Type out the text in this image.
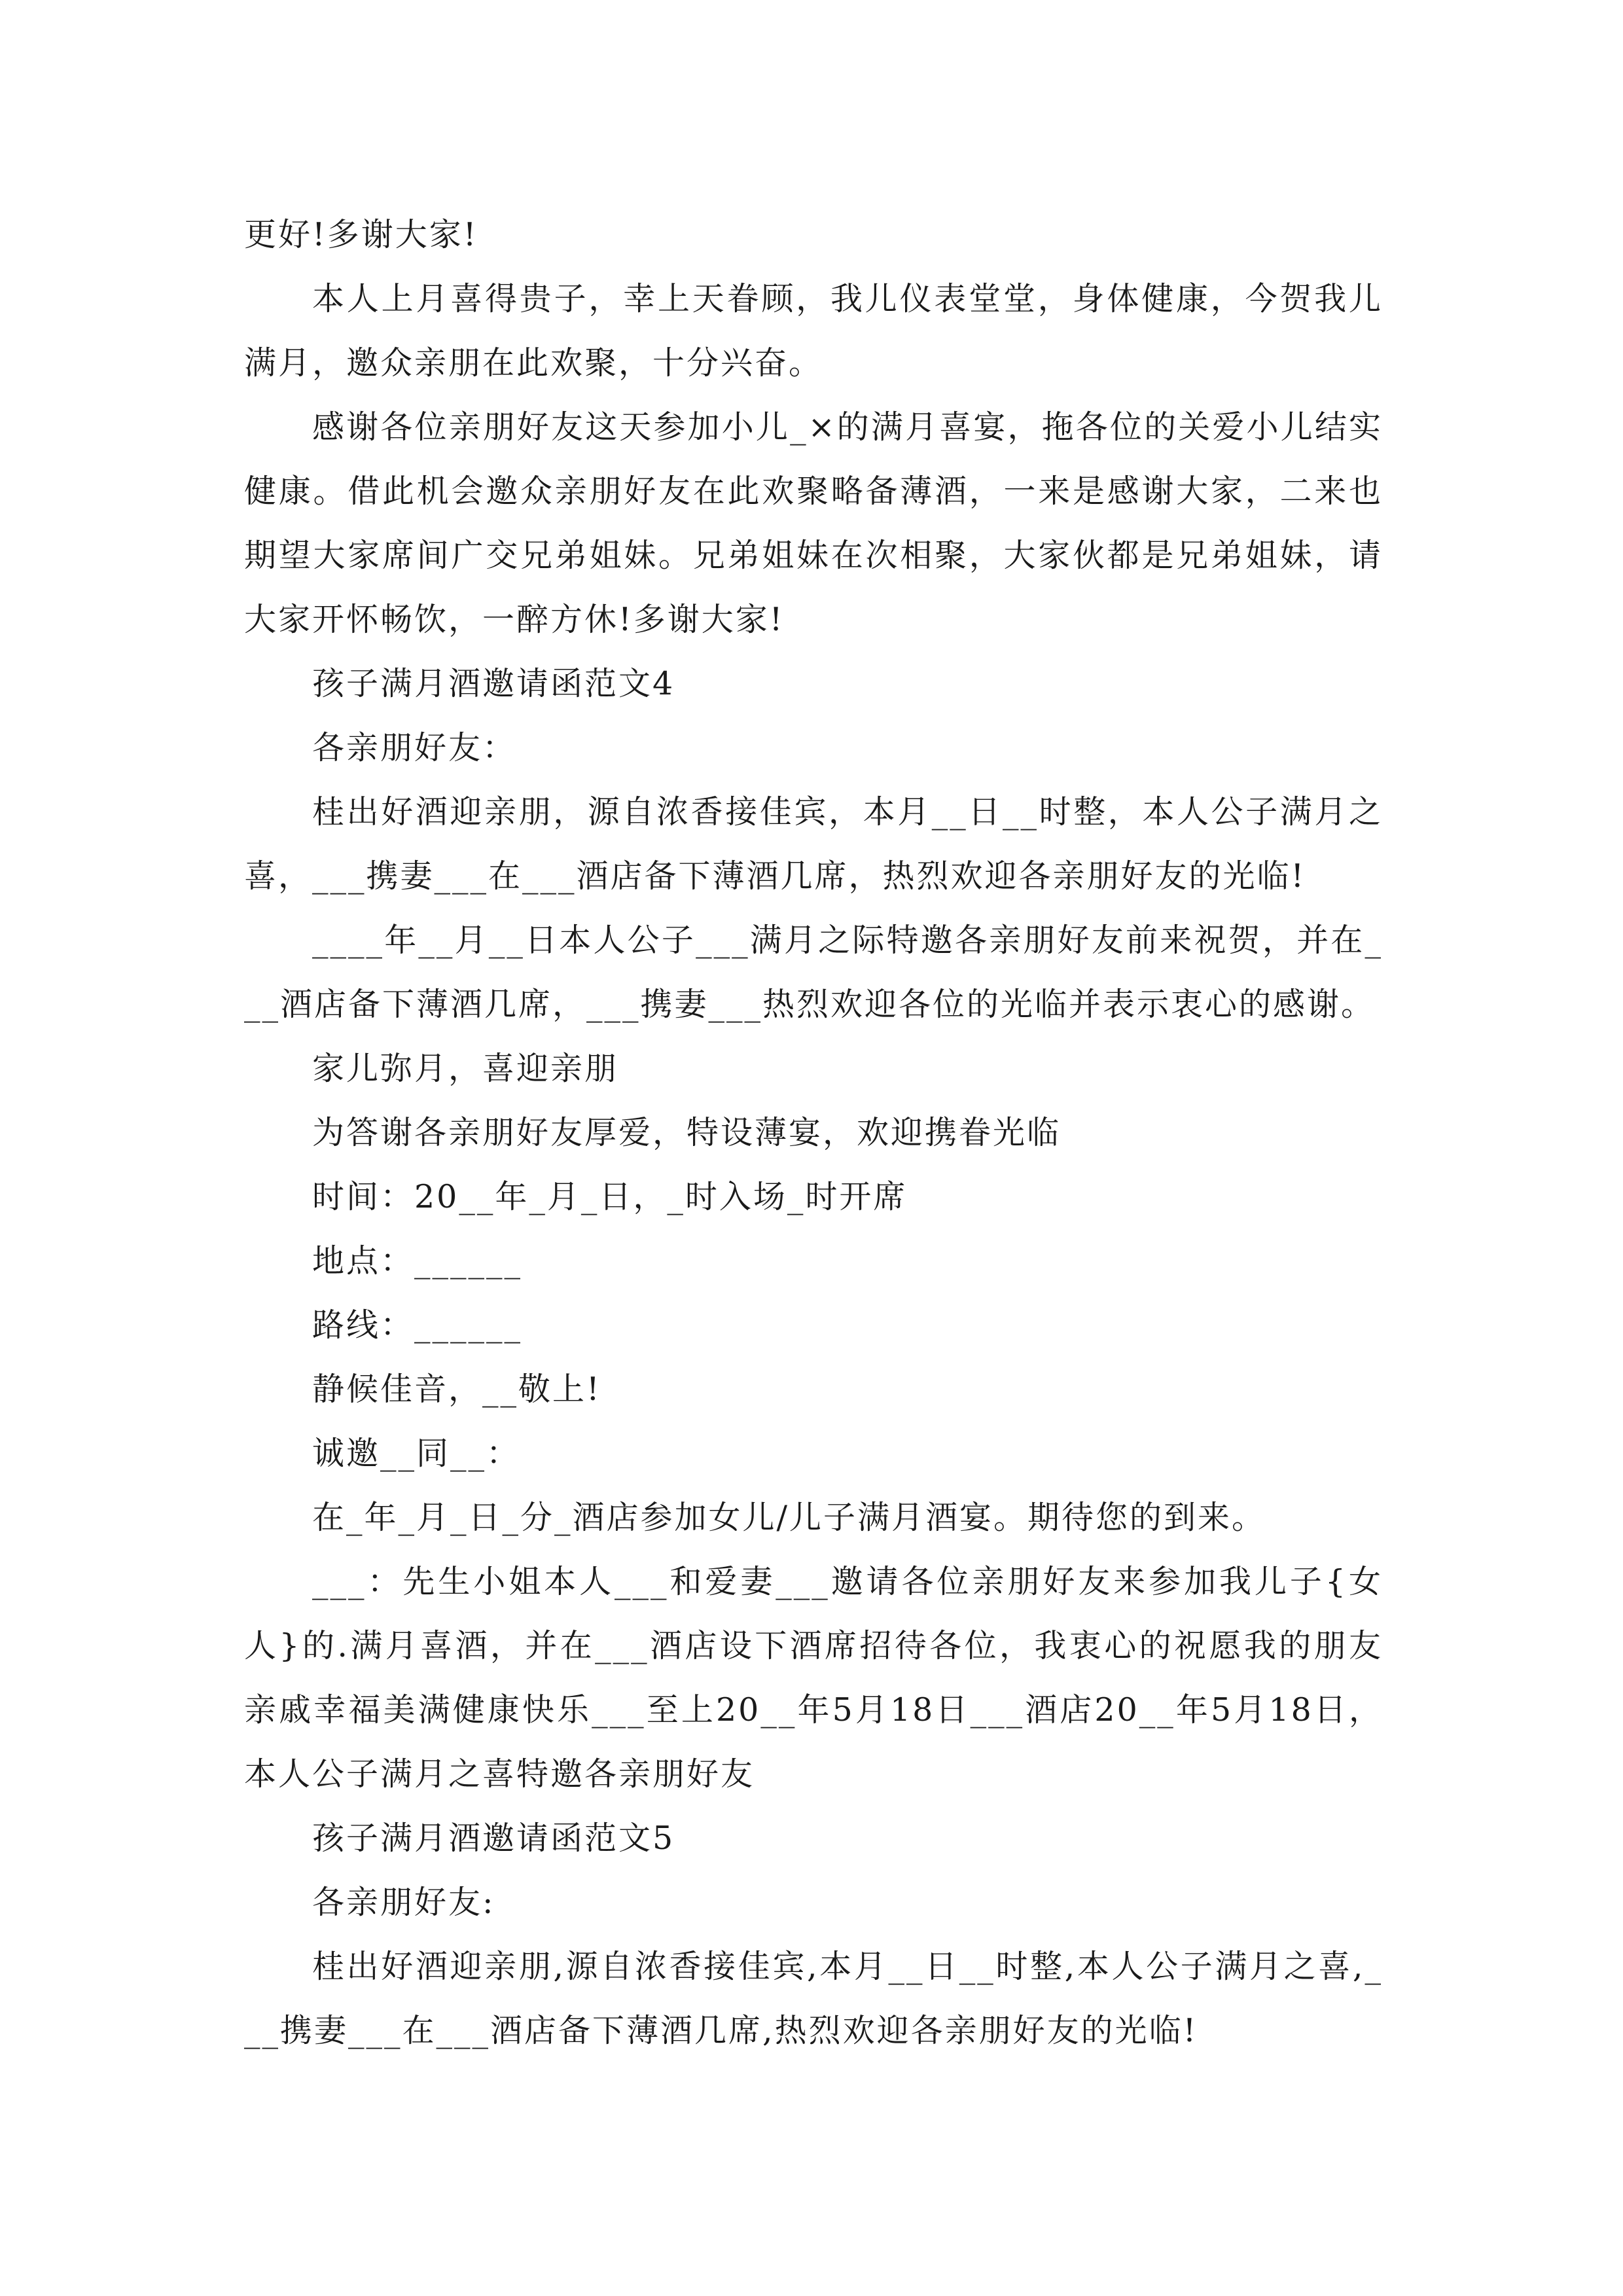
更好!多谢大家!

本人上月喜得贵子，幸上天眷顾，我儿仪表堂堂，身体健康，今贺我儿满月，邀众亲朋在此欢聚，十分兴奋。

感谢各位亲朋好友这天参加小儿_×的满月喜宴，拖各位的关爱小儿结实健康。借此机会邀众亲朋好友在此欢聚略备薄酒，一来是感谢大家，二来也期望大家席间广交兄弟姐妹。兄弟姐妹在次相聚，大家伙都是兄弟姐妹，请大家开怀畅饮，一醉方休!多谢大家!

孩子满月酒邀请函范文4

各亲朋好友：

桂出好酒迎亲朋，源自浓香接佳宾，本月__日__时整，本人公子满月之喜，___携妻___在___酒店备下薄酒几席，热烈欢迎各亲朋好友的光临!

____年__月__日本人公子___满月之际特邀各亲朋好友前来祝贺，并在___酒店备下薄酒几席，___携妻___热烈欢迎各位的光临并表示衷心的感谢。

家儿弥月，喜迎亲朋

为答谢各亲朋好友厚爱，特设薄宴，欢迎携眷光临

时间：20__年_月_日，_时入场_时开席

地点：______

路线：______

静候佳音，__敬上!

诚邀__同__：

在_年_月_日_分_酒店参加女儿/儿子满月酒宴。期待您的到来。

___：先生小姐本人___和爱妻___邀请各位亲朋好友来参加我儿子{女人}的.满月喜酒，并在___酒店设下酒席招待各位，我衷心的祝愿我的朋友亲戚幸福美满健康快乐___至上20__年5月18日___酒店20__年5月18日，本人公子满月之喜特邀各亲朋好友

孩子满月酒邀请函范文5

各亲朋好友:

桂出好酒迎亲朋,源自浓香接佳宾,本月__日__时整,本人公子满月之喜,___携妻___在___酒店备下薄酒几席,热烈欢迎各亲朋好友的光临!
